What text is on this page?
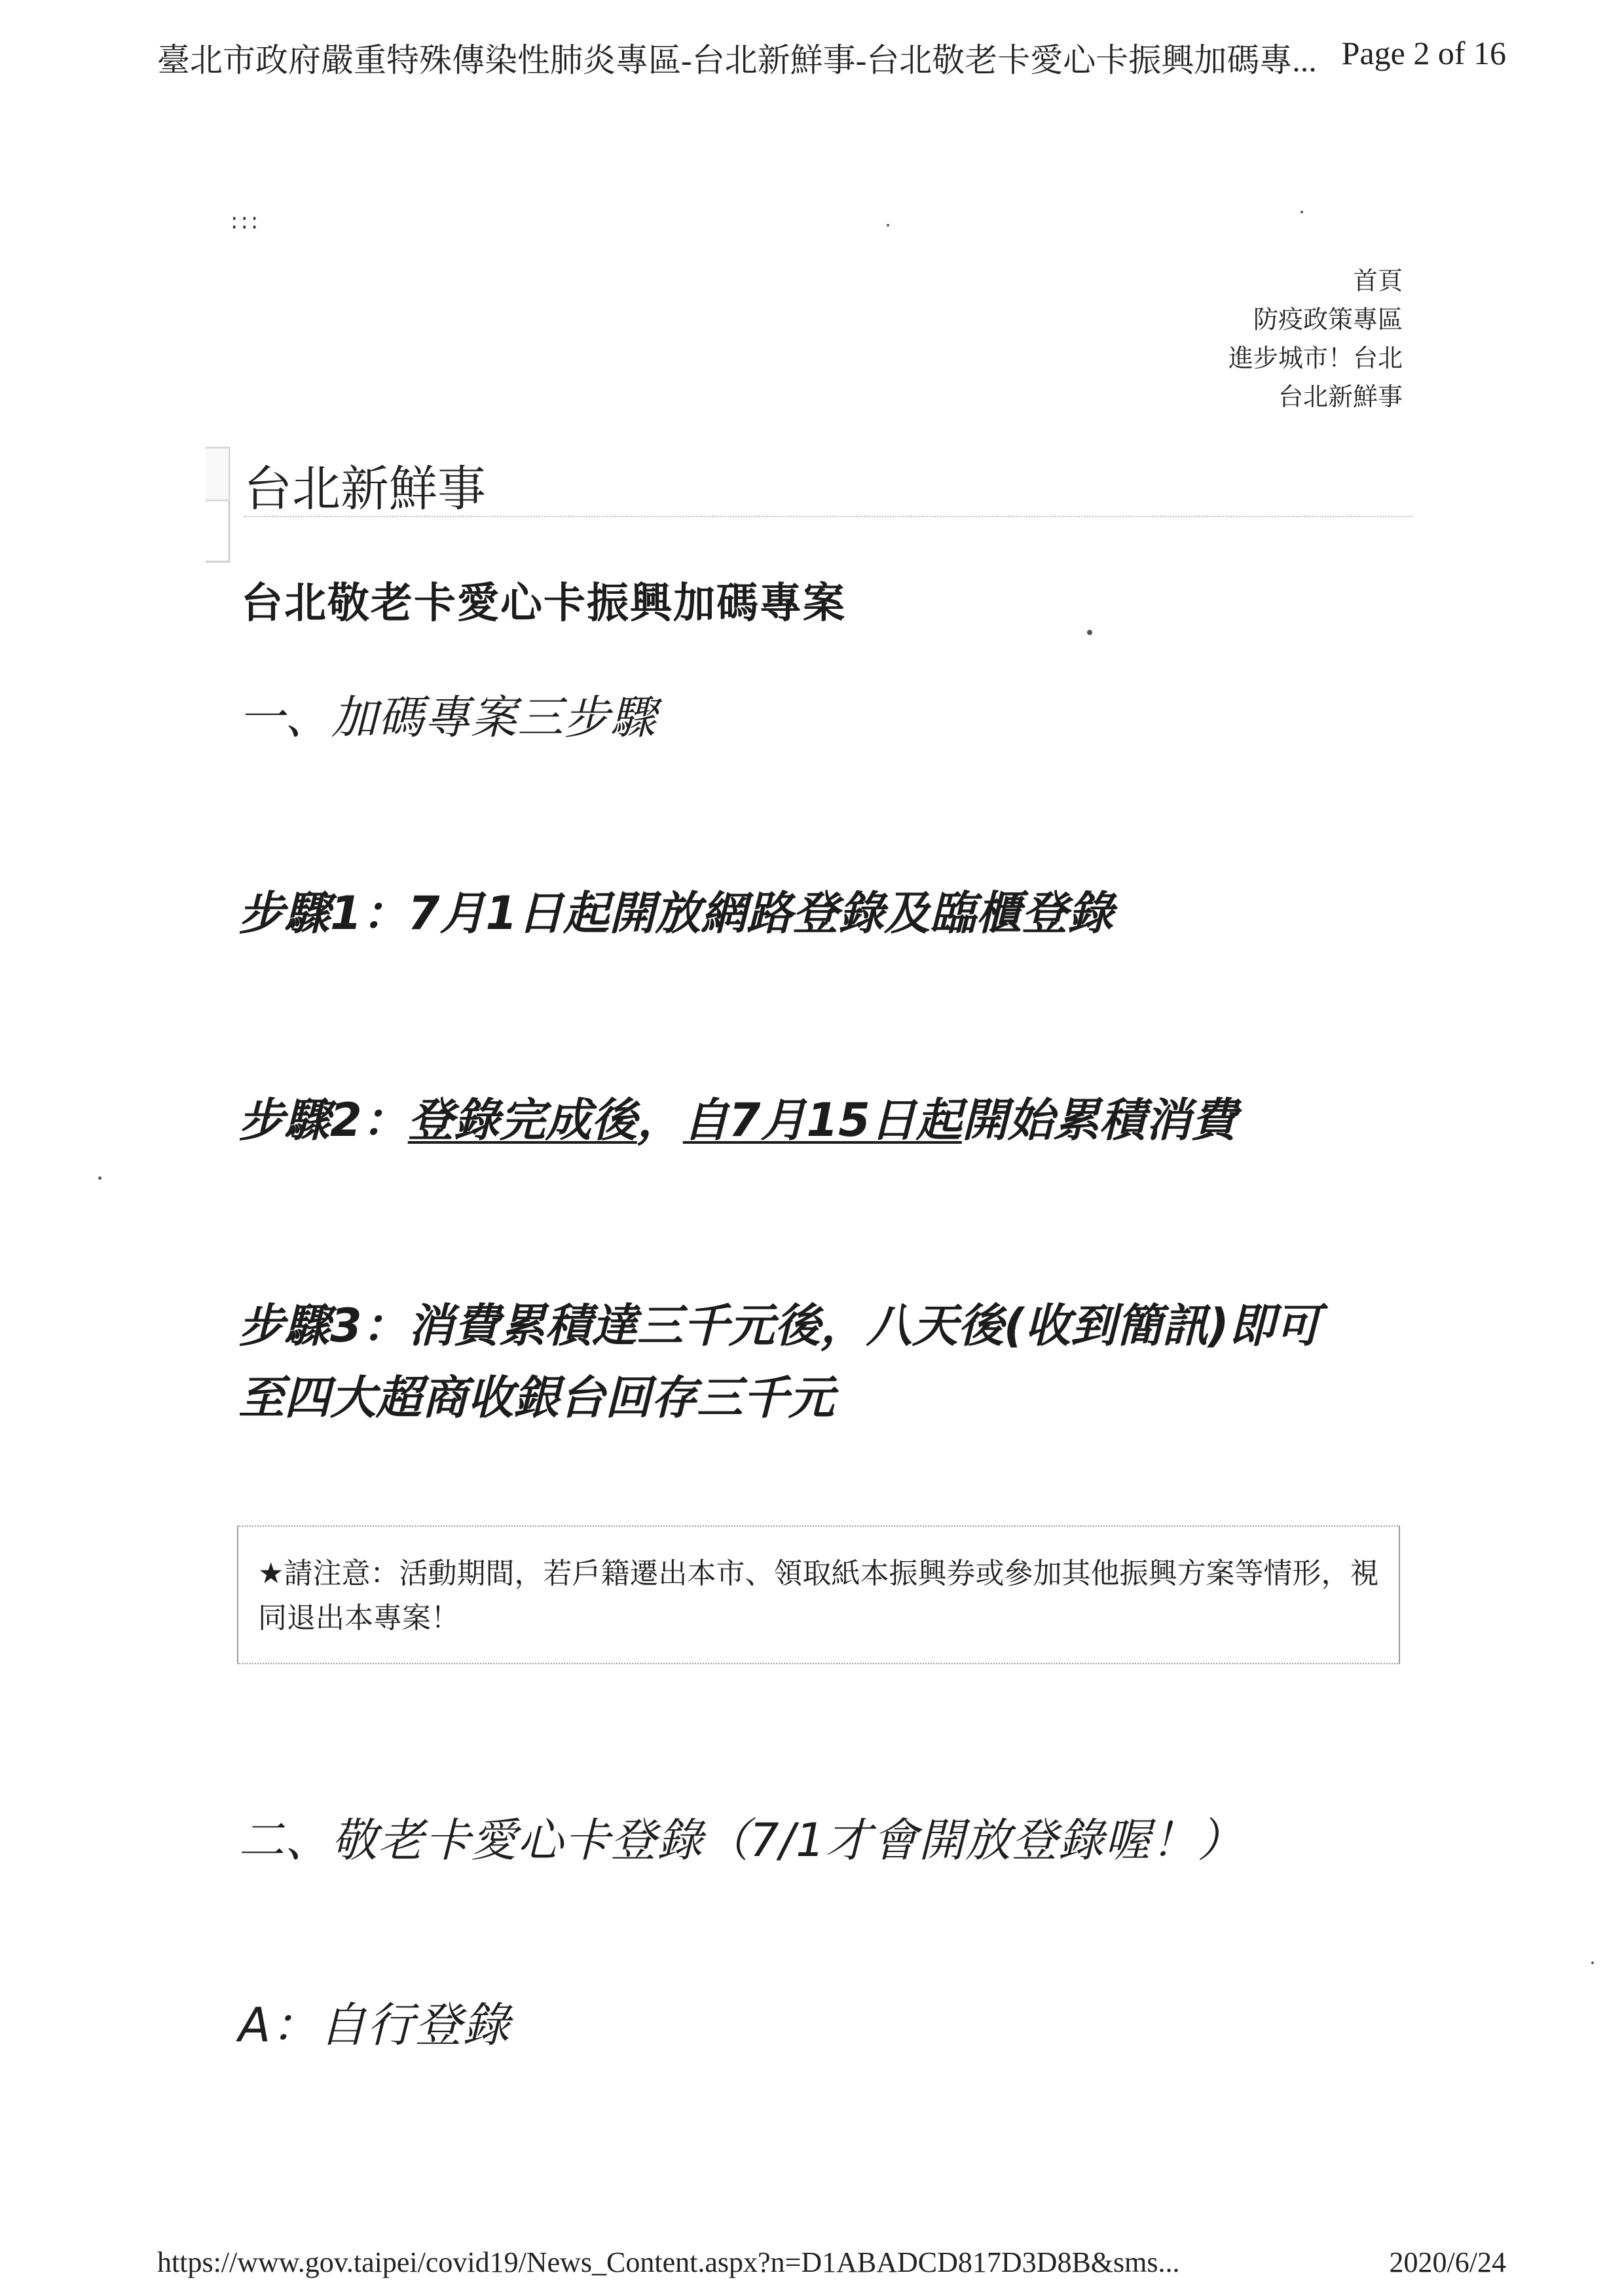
臺北市政府嚴重特殊傳染性肺炎專區-台北新鮮事-台北敬老卡愛心卡振興加碼專... Page 2 of 16
:::
首頁
防疫政策專區
進步城市！台北
台北新鮮事
台北新鮮事
台北敬老卡愛心卡振興加碼專案
一、加碼專案三步驟
步驟1：7月1日起開放網路登錄及臨櫃登錄
步驟2：登錄完成後，自7月15日起開始累積消費
步驟3：消費累積達三千元後，八天後(收到簡訊)即可
至四大超商收銀台回存三千元
★請注意：活動期間，若戶籍遷出本市、領取紙本振興券或參加其他振興方案等情形，視同退出本專案！
二、敬老卡愛心卡登錄（7/1才會開放登錄喔！）
A：自行登錄
https://www.gov.taipei/covid19/News_Content.aspx?n=D1ABADCD817D3D8B&sms...	2020/6/24
